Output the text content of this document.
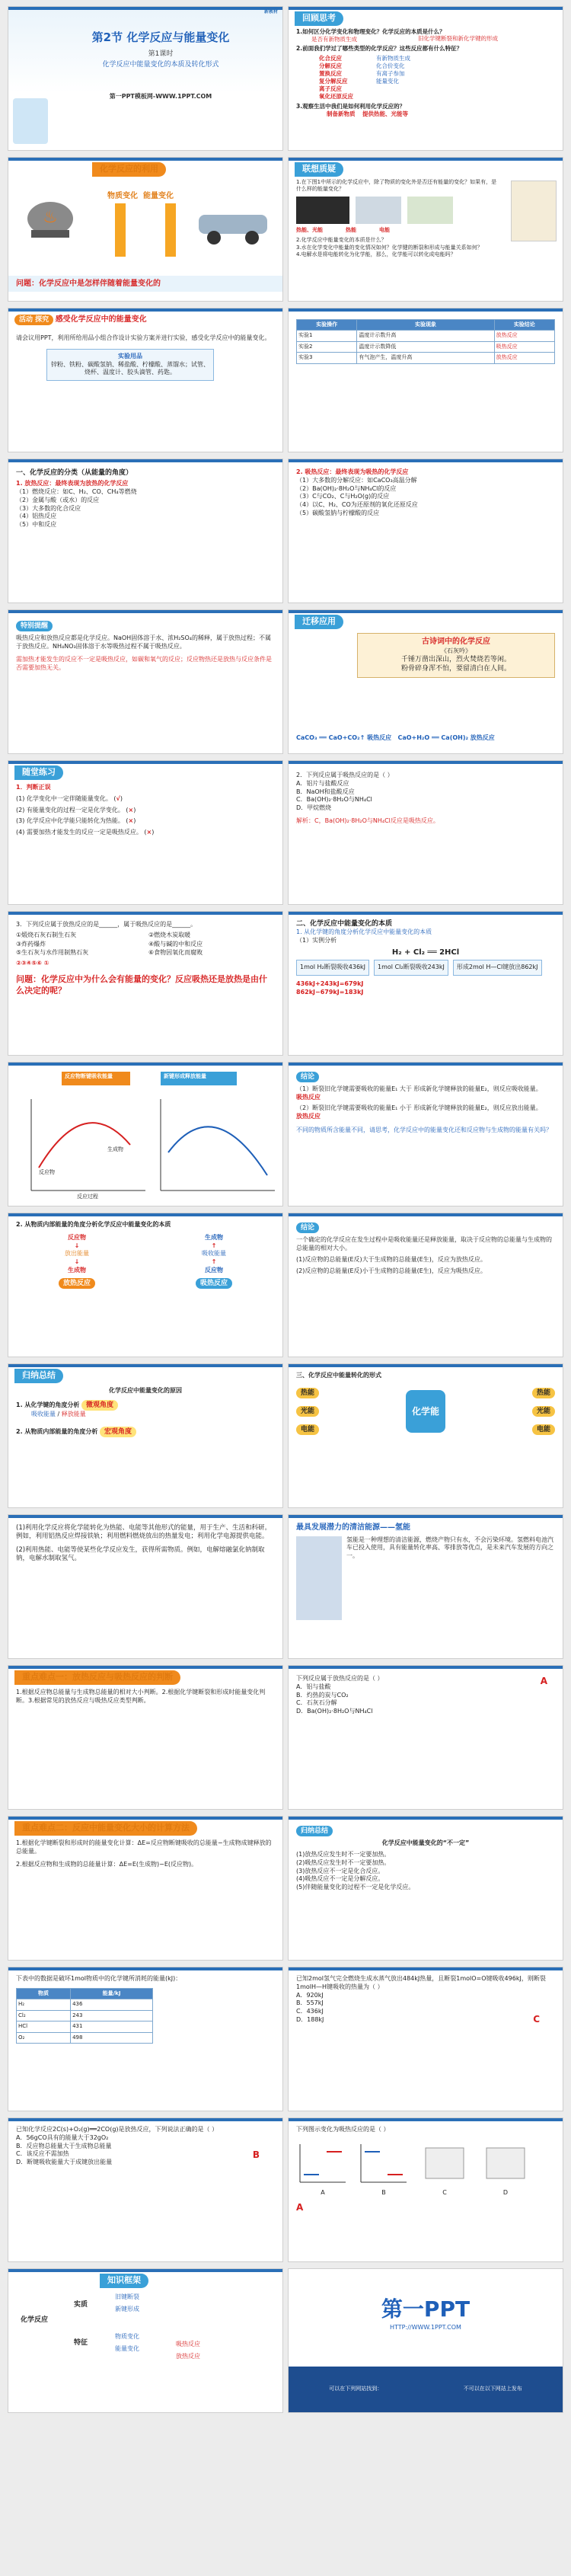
新教材
第2节 化学反应与能量变化
第1课时
化学反应中能量变化的本质及转化形式
第一PPT模板网-WWW.1PPT.COM
回顾思考
1.如何区分化学变化和物理变化？化学反应的本质是什么？
是否有新物质生成	旧化学键断裂和新化学键的形成
2.前面我们学过了哪些类型的化学反应？这些反应都有什么特征？
化合反应
分解反应
置换反应
复分解反应
离子反应
氧化还原反应
有新物质生成
化合价变化
有离子参加
能量变化
3.观察生活中我们是如何利用化学反应的？
制备新物质 提供热能、光能等
化学反应的利用
♨
物质变化 能量变化
问题：化学反应中是怎样伴随着能量变化的
联想质疑
1.在下图1中所示的化学反应中，除了物质的变化外是否还有能量的变化？如果有，是什么样的能量变化？
热能、光能	热能	电能
2.化学反应中能量变化的本质是什么？
3.水在化学变化中能量的变化情况如何？化学键的断裂和形成与能量关系如何？
4.电解水是将电能转化为化学能，那么，化学能可以转化成电能吗？
活动 探究 感受化学反应中的能量变化
请会议用PPT，利用所给用品小组合作设计实验方案并进行实验，感受化学反应中的能量变化。
实验用品
锌粉、铁粉、碳酸氢钠、稀盐酸、柠檬酸、蒸馏水；试管、烧杯、温度计、胶头滴管、药匙。
实验操作	实验现象	实验结论
实验1	温度计示数升高	放热反应
实验2	温度计示数降低	吸热反应
实验3	有气泡产生，温度升高	放热反应
一、化学反应的分类（从能量的角度）
1. 放热反应：最终表现为放热的化学反应
（1）燃烧反应：如C、H₂、CO、CH₄等燃烧
（2）金属与酸（或水）的反应
（3）大多数的化合反应
（4）铝热反应
（5）中和反应
2. 吸热反应：最终表现为吸热的化学反应
（1）大多数的分解反应：如CaCO₃高温分解
（2）Ba(OH)₂·8H₂O与NH₄Cl的反应
（3）C与CO₂、C与H₂O(g)的反应
（4）以C、H₂、CO为还原剂的氧化还原反应
（5）碳酸氢钠与柠檬酸的反应
特别提醒
吸热反应和放热反应都是化学反应。NaOH固体溶于水、浓H₂SO₄的稀释，属于放热过程；不属于放热反应。NH₄NO₃固体溶于水等吸热过程不属于吸热反应。
需加热才能发生的反应不一定是吸热反应，如碳和氧气的反应；反应物热还是放热与反应条件是否需要加热无关。
迁移应用
古诗词中的化学反应
《石灰吟》
千锤万凿出深山，烈火焚烧若等闲。
粉骨碎身浑不怕，要留清白在人间。
CaCO₃ ══ CaO+CO₂↑ 吸热反应 CaO+H₂O ══ Ca(OH)₂ 放热反应
随堂练习
1．判断正误
(1) 化学变化中一定伴随能量变化。 (√)
(2) 有能量变化的过程一定是化学变化。 (×)
(3) 化学反应中化学能只能转化为热能。 (×)
(4) 需要加热才能发生的反应一定是吸热反应。 (×)
2．下列反应属于吸热反应的是（ ）
A．铝片与盐酸反应
B．NaOH和盐酸反应
C．Ba(OH)₂·8H₂O与NH₄Cl
D．甲烷燃烧
解析：C，Ba(OH)₂·8H₂O与NH₄Cl反应是吸热反应。
3．下列反应属于放热反应的是______，属于吸热反应的是______。
①煅烧石灰石制生石灰	②燃烧木炭取暖
③炸药爆炸	④酸与碱的中和反应
⑤生石灰与水作用制熟石灰	⑥食物因氧化而腐败
②③④⑤⑥ ①
问题：化学反应中为什么会有能量的变化？反应吸热还是放热是由什么决定的呢？
二、化学反应中能量变化的本质
1. 从化学键的角度分析化学反应中能量变化的本质
（1）实例分析
H₂ + Cl₂ ══ 2HCl
1mol H₂断裂吸收436kJ	1mol Cl₂断裂吸收243kJ	形成2mol H—Cl键放出862kJ
436kJ+243kJ=679kJ
862kJ−679kJ=183kJ
反应物断键吸收能量	新键形成释放能量
反应物
生成物
反应过程
结论
（1）断裂旧化学键需要吸收的能量E₁ 大于 形成新化学键释放的能量E₂，则反应吸收能量。
吸热反应
（2）断裂旧化学键需要吸收的能量E₁ 小于 形成新化学键释放的能量E₂，则反应放出能量。
放热反应
不同的物质所含能量不同，请思考，化学反应中的能量变化还和反应物与生成物的能量有关吗？
2. 从物质内部能量的角度分析化学反应中能量变化的本质
反应物
↓
放出能量
↓
生成物
放热反应
生成物
↑
吸收能量
↑
反应物
吸热反应
结论
一个确定的化学反应在发生过程中是吸收能量还是释放能量，取决于反应物的总能量与生成物的总能量的相对大小。
(1)反应物的总能量(E反)大于生成物的总能量(E生)，反应为放热反应。
(2)反应物的总能量(E反)小于生成物的总能量(E生)，反应为吸热反应。
归纳总结
化学反应中能量变化的原因
1. 从化学键的角度分析 微观角度
吸收能量 / 释放能量
2. 从物质内部能量的角度分析 宏观角度
三、化学反应中能量转化的形式
热能
光能
电能
化学能
热能
光能
电能
(1)利用化学反应将化学能转化为热能、电能等其他形式的能量，用于生产、生活和科研。例如，利用铝热反应焊接铁轨；利用燃料燃烧放出的热量发电；利用化学电源提供电能。
(2)利用热能、电能等使某些化学反应发生，获得所需物质。例如，电解熔融氯化钠制取钠，电解水制取氢气。
最具发展潜力的清洁能源——氢能
氢能是一种理想的清洁能源，燃烧产物只有水，不会污染环境。氢燃料电池汽车已投入使用，具有能量转化率高、零排放等优点，是未来汽车发展的方向之一。
重点难点一：放热反应与吸热反应的判断
1.根据反应物总能量与生成物总能量的相对大小判断。2.根据化学键断裂和形成时能量变化判断。3.根据常见的放热反应与吸热反应类型判断。
下列反应属于放热反应的是（ ）
A．铝与盐酸
B．灼热的炭与CO₂
C．石灰石分解
D．Ba(OH)₂·8H₂O与NH₄Cl
A
重点难点二：反应中能量变化大小的计算方法
1.根据化学键断裂和形成时的能量变化计算：ΔE=反应物断键吸收的总能量−生成物成键释放的总能量。
2.根据反应物和生成物的总能量计算：ΔE=E(生成物)−E(反应物)。
归纳总结
化学反应中能量变化的“不一定”
(1)放热反应发生时不一定要加热。
(2)吸热反应发生时不一定要加热。
(3)放热反应不一定是化合反应。
(4)吸热反应不一定是分解反应。
(5)伴随能量变化的过程不一定是化学反应。
下表中的数据是破坏1mol物质中的化学键所消耗的能量(kJ)：
物质	能量/kJ
H₂	436
Cl₂	243
HCl	431
O₂	498
已知2mol氢气完全燃烧生成水蒸气放出484kJ热量，且断裂1molO=O键吸收496kJ，则断裂1molH—H键吸收的热量为（ ）
A．920kJ
B．557kJ
C．436kJ
D．188kJ	C
已知化学反应2C(s)+O₂(g)══2CO(g)是放热反应，下列说法正确的是（ ）
A．56gCO具有的能量大于32gO₂
B．反应物总能量大于生成物总能量
C．该反应不需加热
D．断键吸收能量大于成键放出能量
B
下列图示变化为吸热反应的是（ ）
A	B	C	D
A
知识框架
化学反应
实质
特征
旧键断裂
新键形成
物质变化
能量变化
吸热反应
放热反应
第一PPT
HTTP://WWW.1PPT.COM
可以在下列网站找到：	不可以在以下网站上发布
